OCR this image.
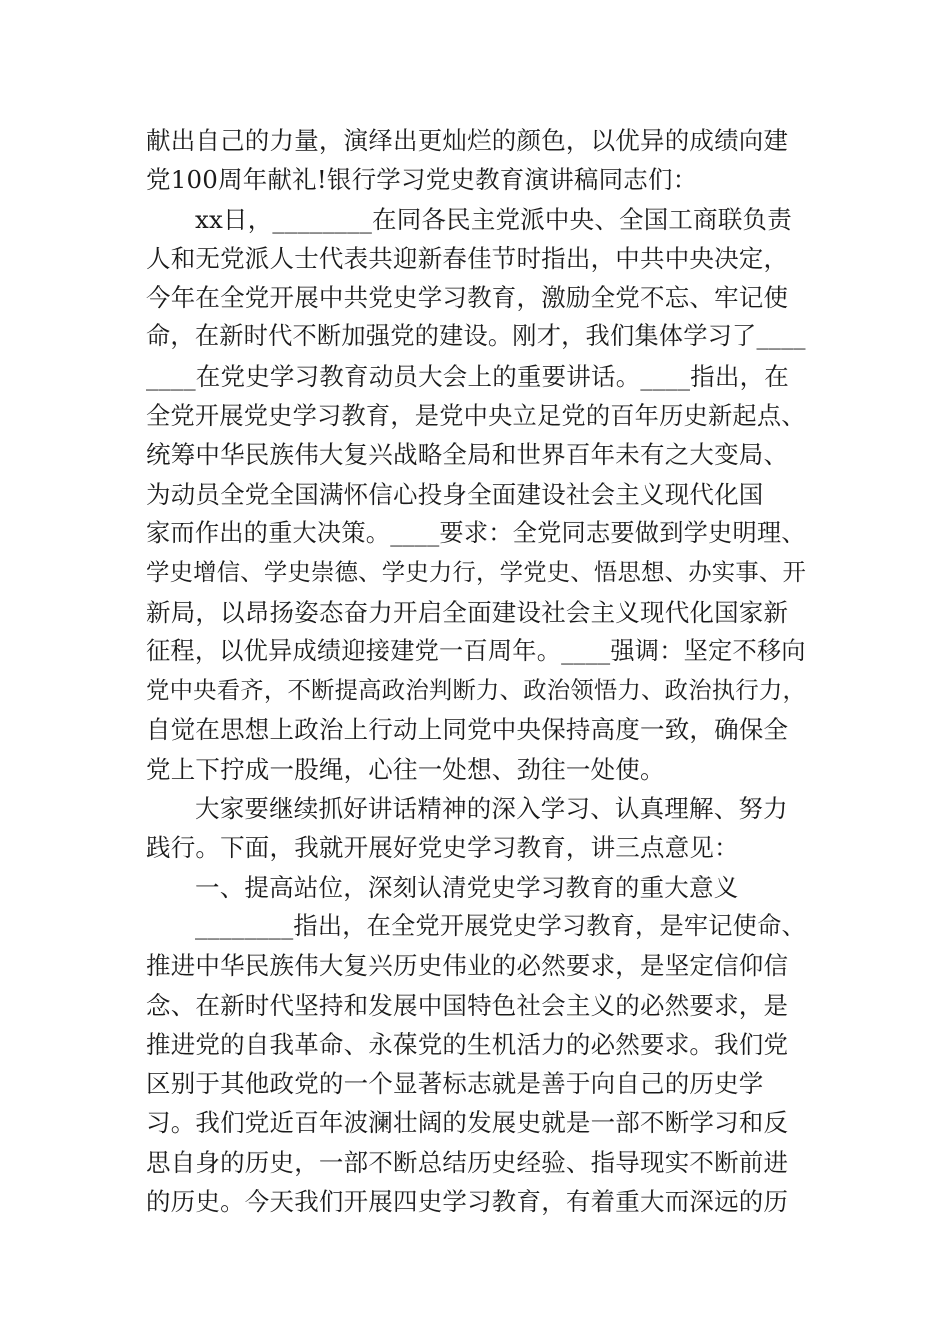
献出自己的力量，演绎出更灿烂的颜色，以优异的成绩向建
党100周年献礼!银行学习党史教育演讲稿同志们：
xx日，________在同各民主党派中央、全国工商联负责
人和无党派人士代表共迎新春佳节时指出，中共中央决定，
今年在全党开展中共党史学习教育，激励全党不忘、牢记使
命，在新时代不断加强党的建设。刚才，我们集体学习了____
____在党史学习教育动员大会上的重要讲话。____指出，在
全党开展党史学习教育，是党中央立足党的百年历史新起点、
统筹中华民族伟大复兴战略全局和世界百年未有之大变局、
为动员全党全国满怀信心投身全面建设社会主义现代化国
家而作出的重大决策。____要求：全党同志要做到学史明理、
学史增信、学史崇德、学史力行，学党史、悟思想、办实事、开
新局，以昂扬姿态奋力开启全面建设社会主义现代化国家新
征程，以优异成绩迎接建党一百周年。____强调：坚定不移向
党中央看齐，不断提高政治判断力、政治领悟力、政治执行力，
自觉在思想上政治上行动上同党中央保持高度一致，确保全
党上下拧成一股绳，心往一处想、劲往一处使。
大家要继续抓好讲话精神的深入学习、认真理解、努力
践行。下面，我就开展好党史学习教育，讲三点意见：
一、提高站位，深刻认清党史学习教育的重大意义
________指出，在全党开展党史学习教育，是牢记使命、
推进中华民族伟大复兴历史伟业的必然要求，是坚定信仰信
念、在新时代坚持和发展中国特色社会主义的必然要求，是
推进党的自我革命、永葆党的生机活力的必然要求。我们党
区别于其他政党的一个显著标志就是善于向自己的历史学
习。我们党近百年波澜壮阔的发展史就是一部不断学习和反
思自身的历史，一部不断总结历史经验、指导现实不断前进
的历史。今天我们开展四史学习教育，有着重大而深远的历
